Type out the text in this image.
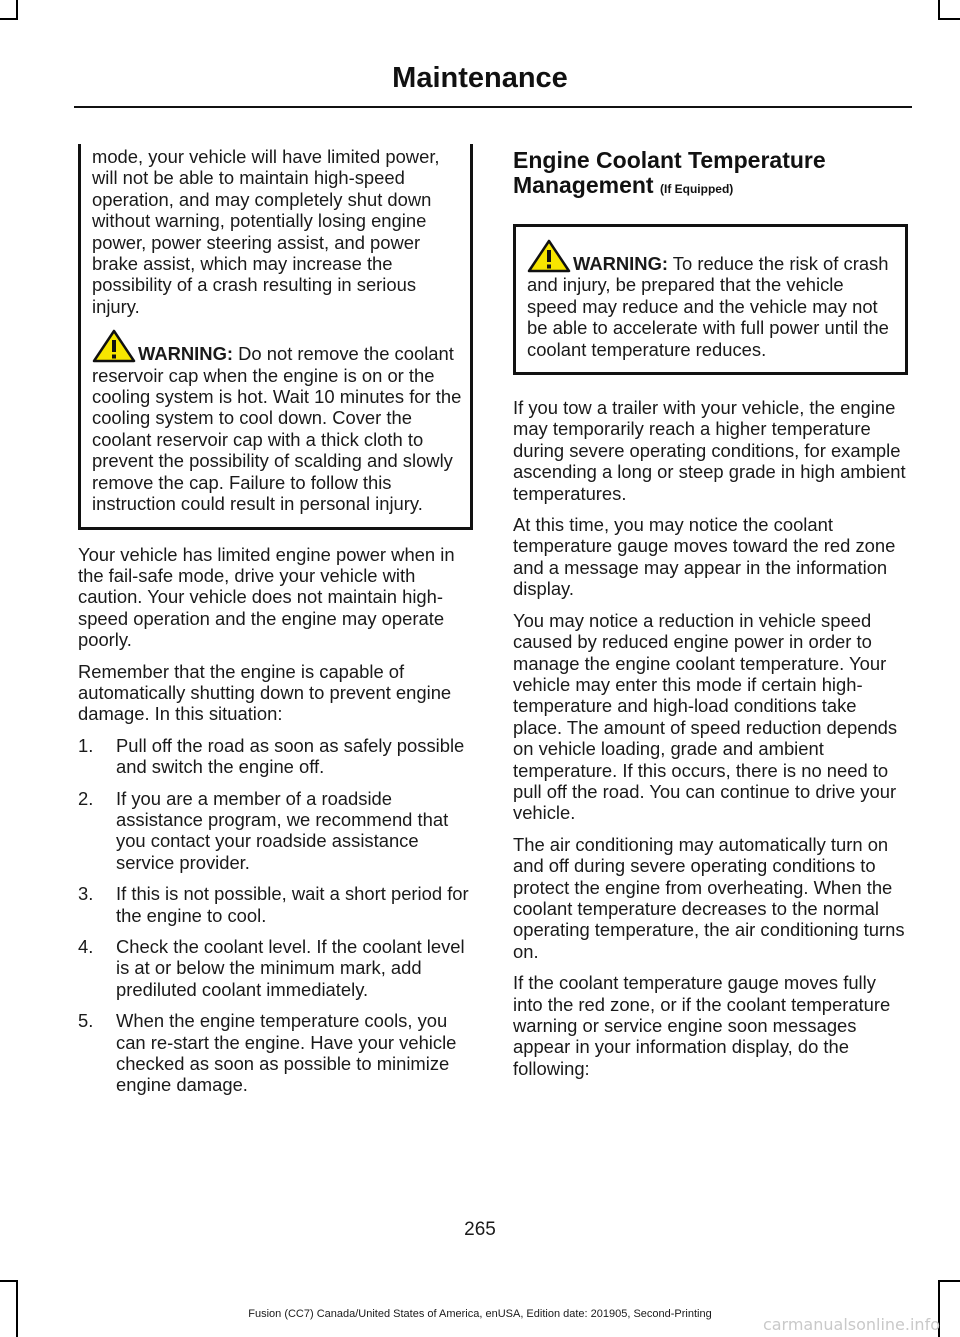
Maintenance

mode, your vehicle will have limited power, will not be able to maintain high-speed operation, and may completely shut down without warning, potentially losing engine power, power steering assist, and power brake assist, which may increase the possibility of a crash resulting in serious injury.

WARNING: Do not remove the coolant reservoir cap when the engine is on or the cooling system is hot. Wait 10 minutes for the cooling system to cool down. Cover the coolant reservoir cap with a thick cloth to prevent the possibility of scalding and slowly remove the cap. Failure to follow this instruction could result in personal injury.

Your vehicle has limited engine power when in the fail-safe mode, drive your vehicle with caution. Your vehicle does not maintain high-speed operation and the engine may operate poorly.

Remember that the engine is capable of automatically shutting down to prevent engine damage. In this situation:

1. Pull off the road as soon as safely possible and switch the engine off.
2. If you are a member of a roadside assistance program, we recommend that you contact your roadside assistance service provider.
3. If this is not possible, wait a short period for the engine to cool.
4. Check the coolant level. If the coolant level is at or below the minimum mark, add prediluted coolant immediately.
5. When the engine temperature cools, you can re-start the engine. Have your vehicle checked as soon as possible to minimize engine damage.
Engine Coolant Temperature Management (If Equipped)

WARNING: To reduce the risk of crash and injury, be prepared that the vehicle speed may reduce and the vehicle may not be able to accelerate with full power until the coolant temperature reduces.

If you tow a trailer with your vehicle, the engine may temporarily reach a higher temperature during severe operating conditions, for example ascending a long or steep grade in high ambient temperatures.

At this time, you may notice the coolant temperature gauge moves toward the red zone and a message may appear in the information display.

You may notice a reduction in vehicle speed caused by reduced engine power in order to manage the engine coolant temperature. Your vehicle may enter this mode if certain high-temperature and high-load conditions take place. The amount of speed reduction depends on vehicle loading, grade and ambient temperature. If this occurs, there is no need to pull off the road. You can continue to drive your vehicle.

The air conditioning may automatically turn on and off during severe operating conditions to protect the engine from overheating. When the coolant temperature decreases to the normal operating temperature, the air conditioning turns on.

If the coolant temperature gauge moves fully into the red zone, or if the coolant temperature warning or service engine soon messages appear in your information display, do the following:

265

Fusion (CC7) Canada/United States of America, enUSA, Edition date: 201905, Second-Printing

carmanualsonline.info
